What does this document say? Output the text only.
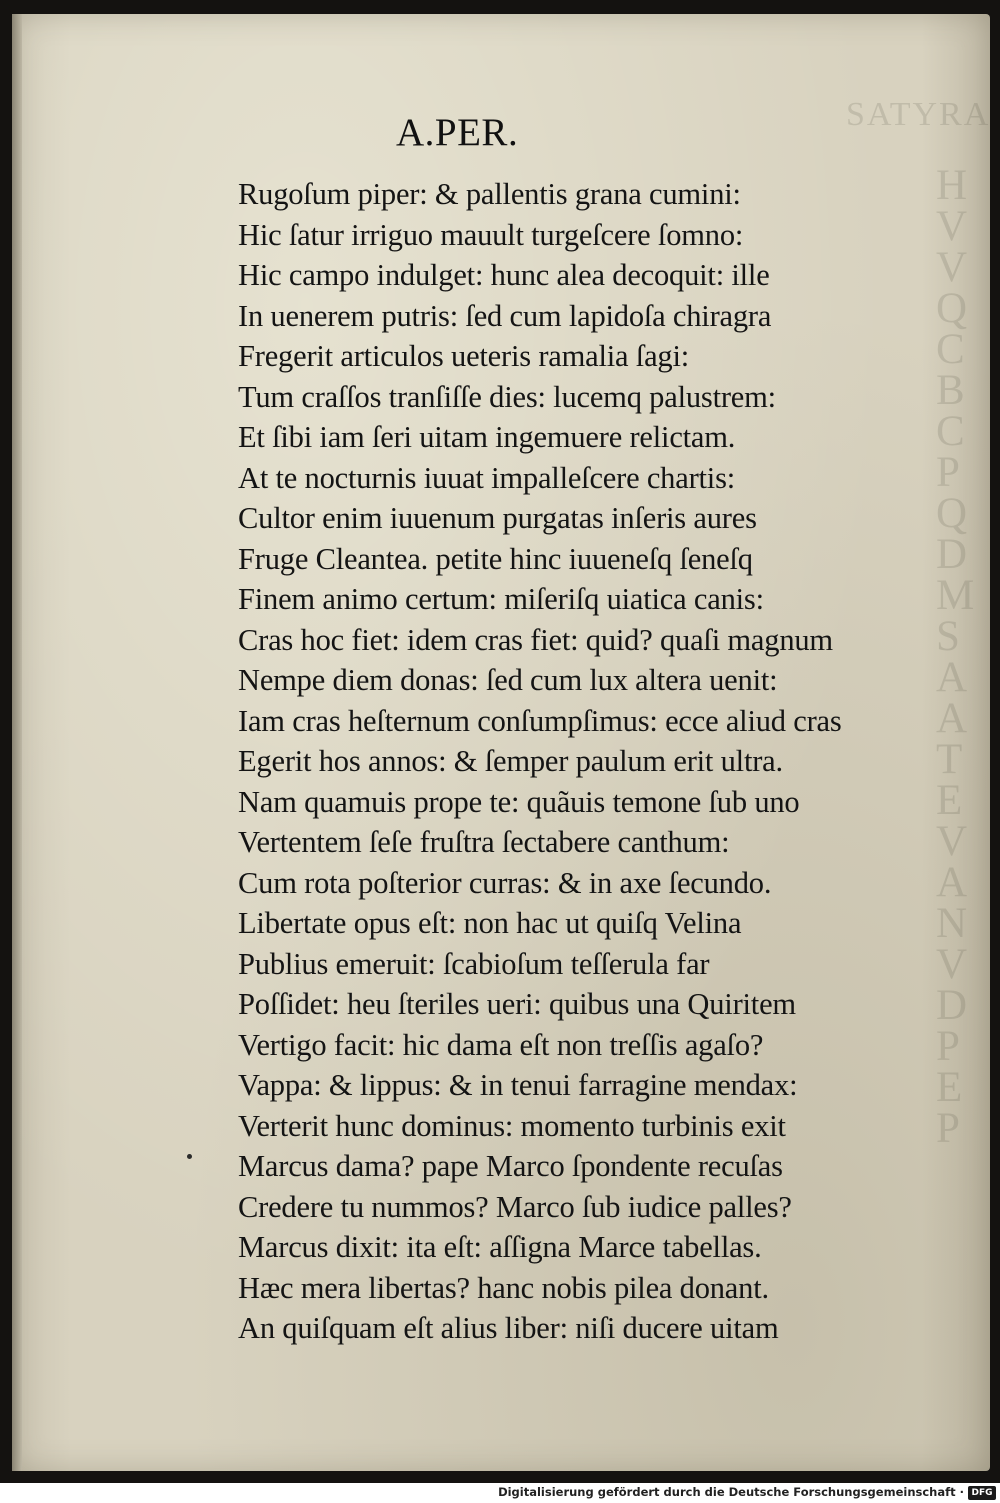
SATYRA
H
V
V
Q
C
B
C
P
Q
D
M
S
A
A
T
E
V
A
N
V
D
P
E
P
A.PER.
Rugoſum piper: & pallentis grana cumini:
Hic ſatur irriguo mauult turgeſcere ſomno:
Hic campo indulget: hunc alea decoquit: ille
In uenerem putris: ſed cum lapidoſa chiragra
Fregerit articulos ueteris ramalia ſagi:
Tum craſſos tranſiſſe dies: lucemq palustrem:
Et ſibi iam ſeri uitam ingemuere relictam.
At te nocturnis iuuat impalleſcere chartis:
Cultor enim iuuenum purgatas inſeris aures
Fruge Cleantea. petite hinc iuueneſq ſeneſq
Finem animo certum: miſeriſq uiatica canis:
Cras hoc fiet: idem cras fiet: quid? quaſi magnum
Nempe diem donas: ſed cum lux altera uenit:
Iam cras heſternum conſumpſimus: ecce aliud cras
Egerit hos annos: & ſemper paulum erit ultra.
Nam quamuis prope te: quãuis temone ſub uno
Vertentem ſeſe fruſtra ſectabere canthum:
Cum rota poſterior curras: & in axe ſecundo.
Libertate opus eſt: non hac ut quiſq Velina
Publius emeruit: ſcabioſum teſſerula far
Poſſidet: heu ſteriles ueri: quibus una Quiritem
Vertigo facit: hic dama eſt non treſſis agaſo?
Vappa: & lippus: & in tenui farragine mendax:
Verterit hunc dominus: momento turbinis exit
Marcus dama? pape Marco ſpondente recuſas
Credere tu nummos? Marco ſub iudice palles?
Marcus dixit: ita eſt: aſſigna Marce tabellas.
Hæc mera libertas? hanc nobis pilea donant.
An quiſquam eſt alius liber: niſi ducere uitam
Digitalisierung gefördert durch die Deutsche Forschungsgemeinschaft · DFG
